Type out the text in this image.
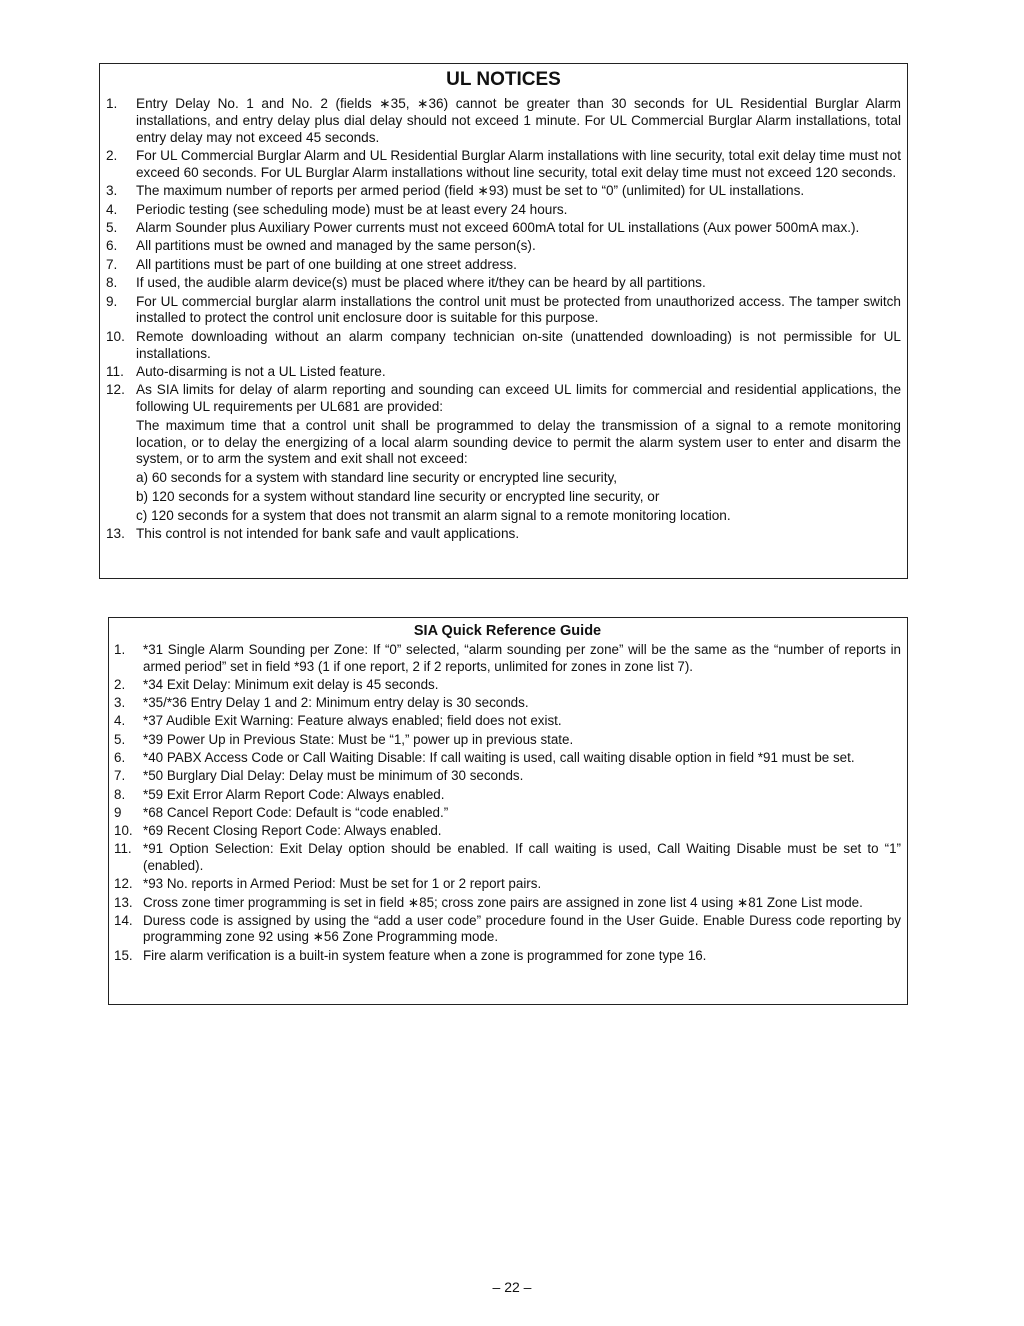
UL NOTICES
1.	Entry Delay No. 1 and No. 2 (fields ∗35, ∗36) cannot be greater than 30 seconds for UL Residential Burglar Alarm installations, and entry delay plus dial delay should not exceed 1 minute. For UL Commercial Burglar Alarm installations, total entry delay may not exceed 45 seconds.

2.	For UL Commercial Burglar Alarm and UL Residential Burglar Alarm installations with line security, total exit delay time must not exceed 60 seconds. For UL Burglar Alarm installations without line security, total exit delay time must not exceed 120 seconds.

3.	The maximum number of reports per armed period (field ∗93) must be set to “0” (unlimited) for UL installations.

4.	Periodic testing (see scheduling mode) must be at least every 24 hours.

5.	Alarm Sounder plus Auxiliary Power currents must not exceed 600mA total for UL installations (Aux power 500mA max.).

6.	All partitions must be owned and managed by the same person(s).

7.	All partitions must be part of one building at one street address.

8.	If used, the audible alarm device(s) must be placed where it/they can be heard by all partitions.

9.	For UL commercial burglar alarm installations the control unit must be protected from unauthorized access. The tamper switch installed to protect the control unit enclosure door is suitable for this purpose.

10. Remote downloading without an alarm company technician on-site (unattended downloading) is not permissible for UL installations.

11. Auto-disarming is not a UL Listed feature.

12. As SIA limits for delay of alarm reporting and sounding can exceed UL limits for commercial and residential applications, the following UL requirements per UL681 are provided:

The maximum time that a control unit shall be programmed to delay the transmission of a signal to a remote monitoring location, or to delay the energizing of a local alarm sounding device to permit the alarm system user to enter and disarm the system, or to arm the system and exit shall not exceed:

a) 60 seconds for a system with standard line security or encrypted line security,

b) 120 seconds for a system without standard line security or encrypted line security, or

c) 120 seconds for a system that does not transmit an alarm signal to a remote monitoring location.

13. This control is not intended for bank safe and vault applications.

SIA Quick Reference Guide
1.	*31 Single Alarm Sounding per Zone: If “0” selected, “alarm sounding per zone” will be the same as the “number of reports in armed period” set in field *93 (1 if one report, 2 if 2 reports, unlimited for zones in zone list 7).

2.	*34 Exit Delay: Minimum exit delay is 45 seconds.

3.	*35/*36 Entry Delay 1 and 2: Minimum entry delay is 30 seconds.

4.	*37 Audible Exit Warning: Feature always enabled; field does not exist.

5.	*39 Power Up in Previous State: Must be “1,” power up in previous state.

6.	*40 PABX Access Code or Call Waiting Disable: If call waiting is used, call waiting disable option in field *91 must be set.

7.	*50 Burglary Dial Delay: Delay must be minimum of 30 seconds.

8.	*59 Exit Error Alarm Report Code: Always enabled.

9	*68 Cancel Report Code: Default is “code enabled.”

10. *69 Recent Closing Report Code: Always enabled.

11. *91 Option Selection: Exit Delay option should be enabled. If call waiting is used, Call Waiting Disable must be set to “1” (enabled).

12. *93 No. reports in Armed Period: Must be set for 1 or 2 report pairs.

13. Cross zone timer programming is set in field ∗85; cross zone pairs are assigned in zone list 4 using ∗81 Zone List mode.

14. Duress code is assigned by using the “add a user code” procedure found in the User Guide. Enable Duress code reporting by programming zone 92 using ∗56 Zone Programming mode.

15. Fire alarm verification is a built-in system feature when a zone is programmed for zone type 16.

– 22 –
